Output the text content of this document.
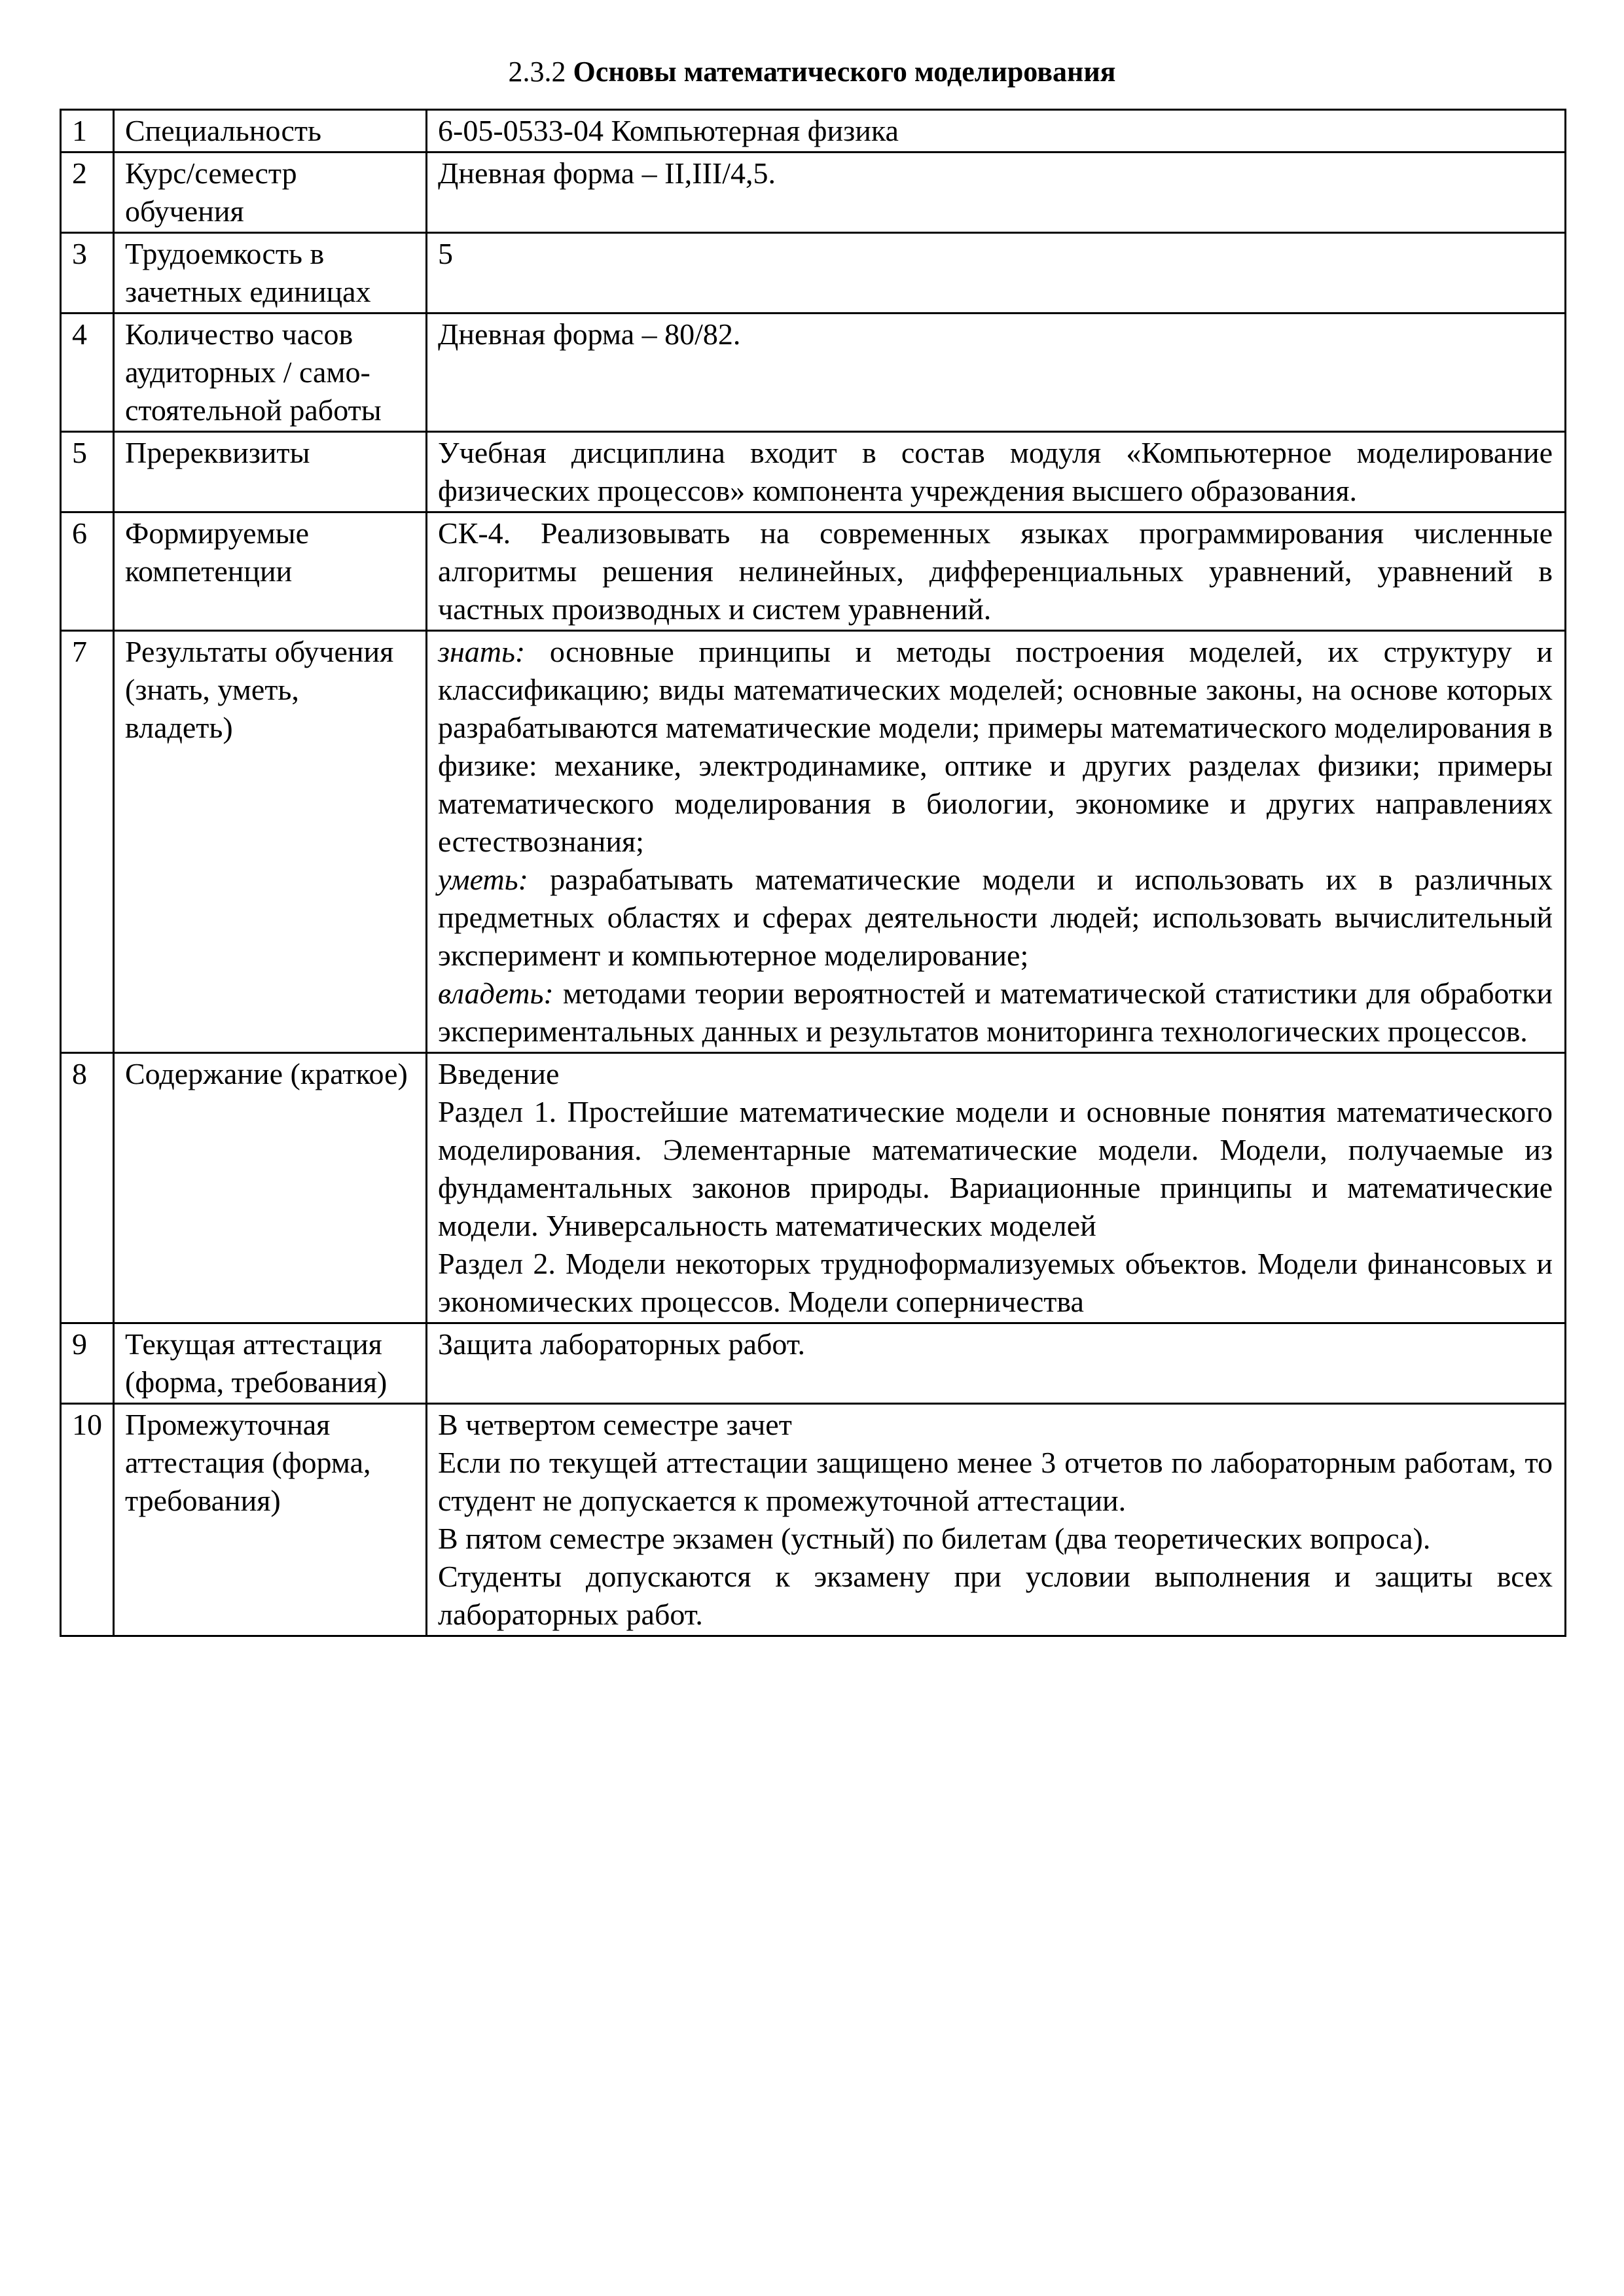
2.3.2 Основы математического моделирования
1	Специальность	6-05-0533-04 Компьютерная физика

2	Курс/семестр обучения	Дневная форма – II,III/4,5.

3	Трудоемкость в зачетных единицах	5

4	Количество часов аудиторных / само-стоятельной работы	Дневная форма – 80/82.

5	Пререквизиты	Учебная дисциплина входит в состав модуля «Компьютерное моделирование физических процессов» компонента учреждения высшего образования.

6	Формируемые компетенции	СК-4. Реализовывать на современных языках программирования численные алгоритмы решения нелинейных, дифференциальных уравнений, уравнений в частных производных и систем уравнений.

7	Результаты обучения (знать, уметь, владеть)	знать: основные принципы и методы построения моделей, их структуру и классификацию; виды математических моделей; основные законы, на основе которых разрабатываются математические модели; примеры математического моделирования в физике: механике, электродинамике, оптике и других разделах физики; примеры математического моделирования в биологии, экономике и других направлениях естествознания;
уметь: разрабатывать математические модели и использовать их в различных предметных областях и сферах деятельности людей; использовать вычислительный эксперимент и компьютерное моделирование;
владеть: методами теории вероятностей и математической статистики для обработки экспериментальных данных и результатов мониторинга технологических процессов.

8	Содержание (краткое)	Введение
Раздел 1. Простейшие математические модели и основные понятия математического моделирования. Элементарные математические модели. Модели, получаемые из фундаментальных законов природы. Вариационные принципы и математические модели. Универсальность математических моделей
Раздел 2. Модели некоторых трудноформализуемых объектов. Модели финансовых и экономических процессов. Модели соперничества

9	Текущая аттестация (форма, требования)	Защита лабораторных работ.

10	Промежуточная аттестация (форма, требования)	В четвертом семестре зачет
Если по текущей аттестации защищено менее 3 отчетов по лабораторным работам, то студент не допускается к промежуточной аттестации.
В пятом семестре экзамен (устный) по билетам (два теоретических вопроса).
Студенты допускаются к экзамену при условии выполнения и защиты всех лабораторных работ.
